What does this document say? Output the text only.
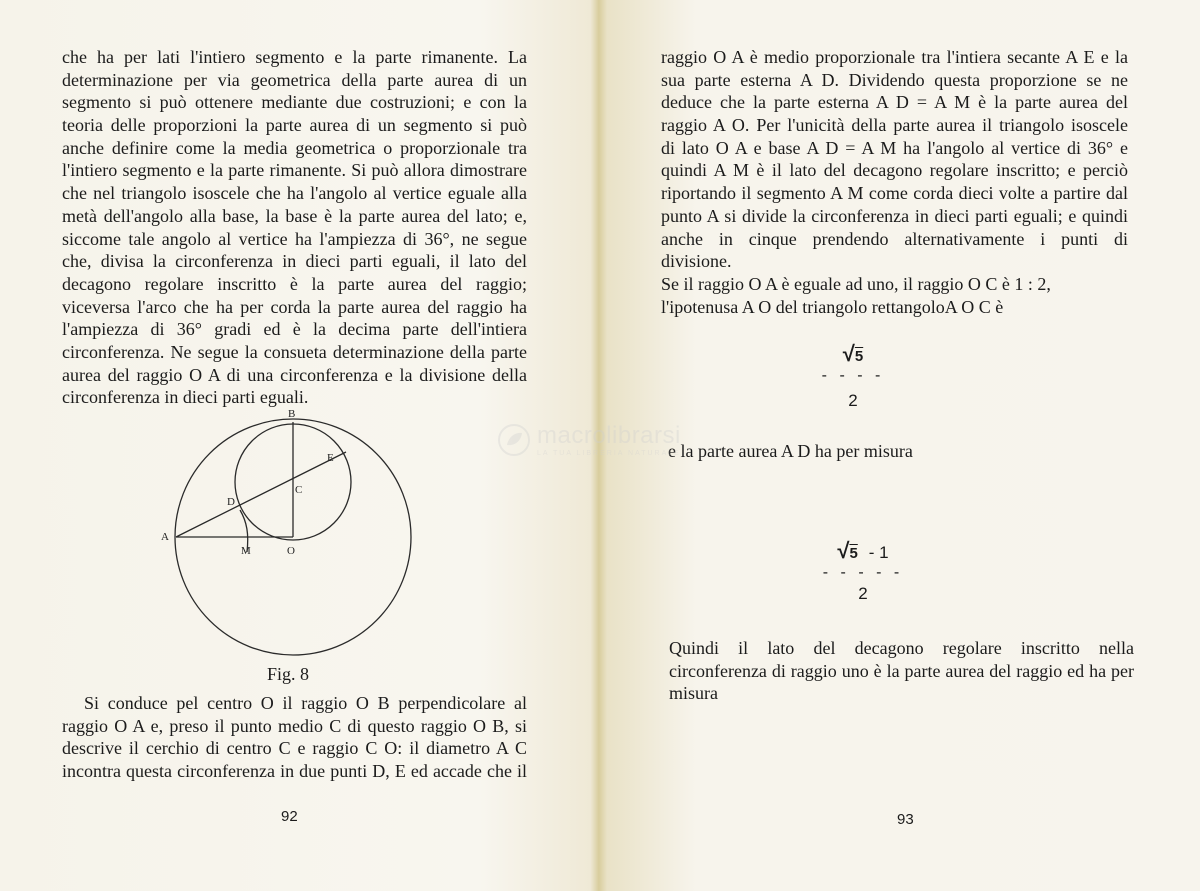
che ha per lati l'intiero segmento e la parte rimanente. La
determinazione per via geometrica della parte aurea di un
segmento si può ottenere mediante due costruzioni; e con la
teoria delle proporzioni la parte aurea di un segmento si può
anche definire come la media geometrica o proporzionale tra
l'intiero segmento e la parte rimanente. Si può allora dimostrare
che nel triangolo isoscele che ha l'angolo al vertice eguale alla
metà dell'angolo alla base, la base è la parte aurea del lato; e,
siccome tale angolo al vertice ha l'ampiezza di 36°, ne segue
che, divisa la circonferenza in dieci parti eguali, il lato del
decagono regolare inscritto è la parte aurea del raggio;
viceversa l'arco che ha per corda la parte aurea del raggio ha
l'ampiezza di 36° gradi ed è la decima parte dell'intiera
circonferenza. Ne segue la consueta determinazione della parte
aurea del raggio O A di una circonferenza e la divisione della
circonferenza in dieci parti eguali.
A
B
C
D
E
M	O
Fig. 8
Si conduce pel centro O il raggio O B perpendicolare al
raggio O A e, preso il punto medio C di questo raggio O B, si
descrive il cerchio di centro C e raggio C O: il diametro A C
incontra questa circonferenza in due punti D, E ed accade che il
92
raggio O A è medio proporzionale tra l'intiera secante A E e la
sua parte esterna A D. Dividendo questa proporzione se ne
deduce che la parte esterna A D = A M è la parte aurea del
raggio A O. Per l'unicità della parte aurea il triangolo isoscele
di lato O A e base A D = A M ha l'angolo al vertice di 36° e
quindi A M è il lato del decagono regolare inscritto; e perciò
riportando il segmento A M come corda dieci volte a partire dal
punto A si divide la circonferenza in dieci parti eguali; e quindi
anche in cinque prendendo alternativamente i punti di
divisione.
Se il raggio O A è eguale ad uno, il raggio O C è 1 : 2,
l'ipotenusa A O del triangolo rettangoloA O C è
√5
- - - -
2
e la parte aurea A D ha per misura
√5 - 1
- - - - -
2
Quindi il lato del decagono regolare inscritto nella
circonferenza di raggio uno è la parte aurea del raggio ed ha per
misura
93
macrolibrarsi
LA TUA LIBRERIA NATURALE
